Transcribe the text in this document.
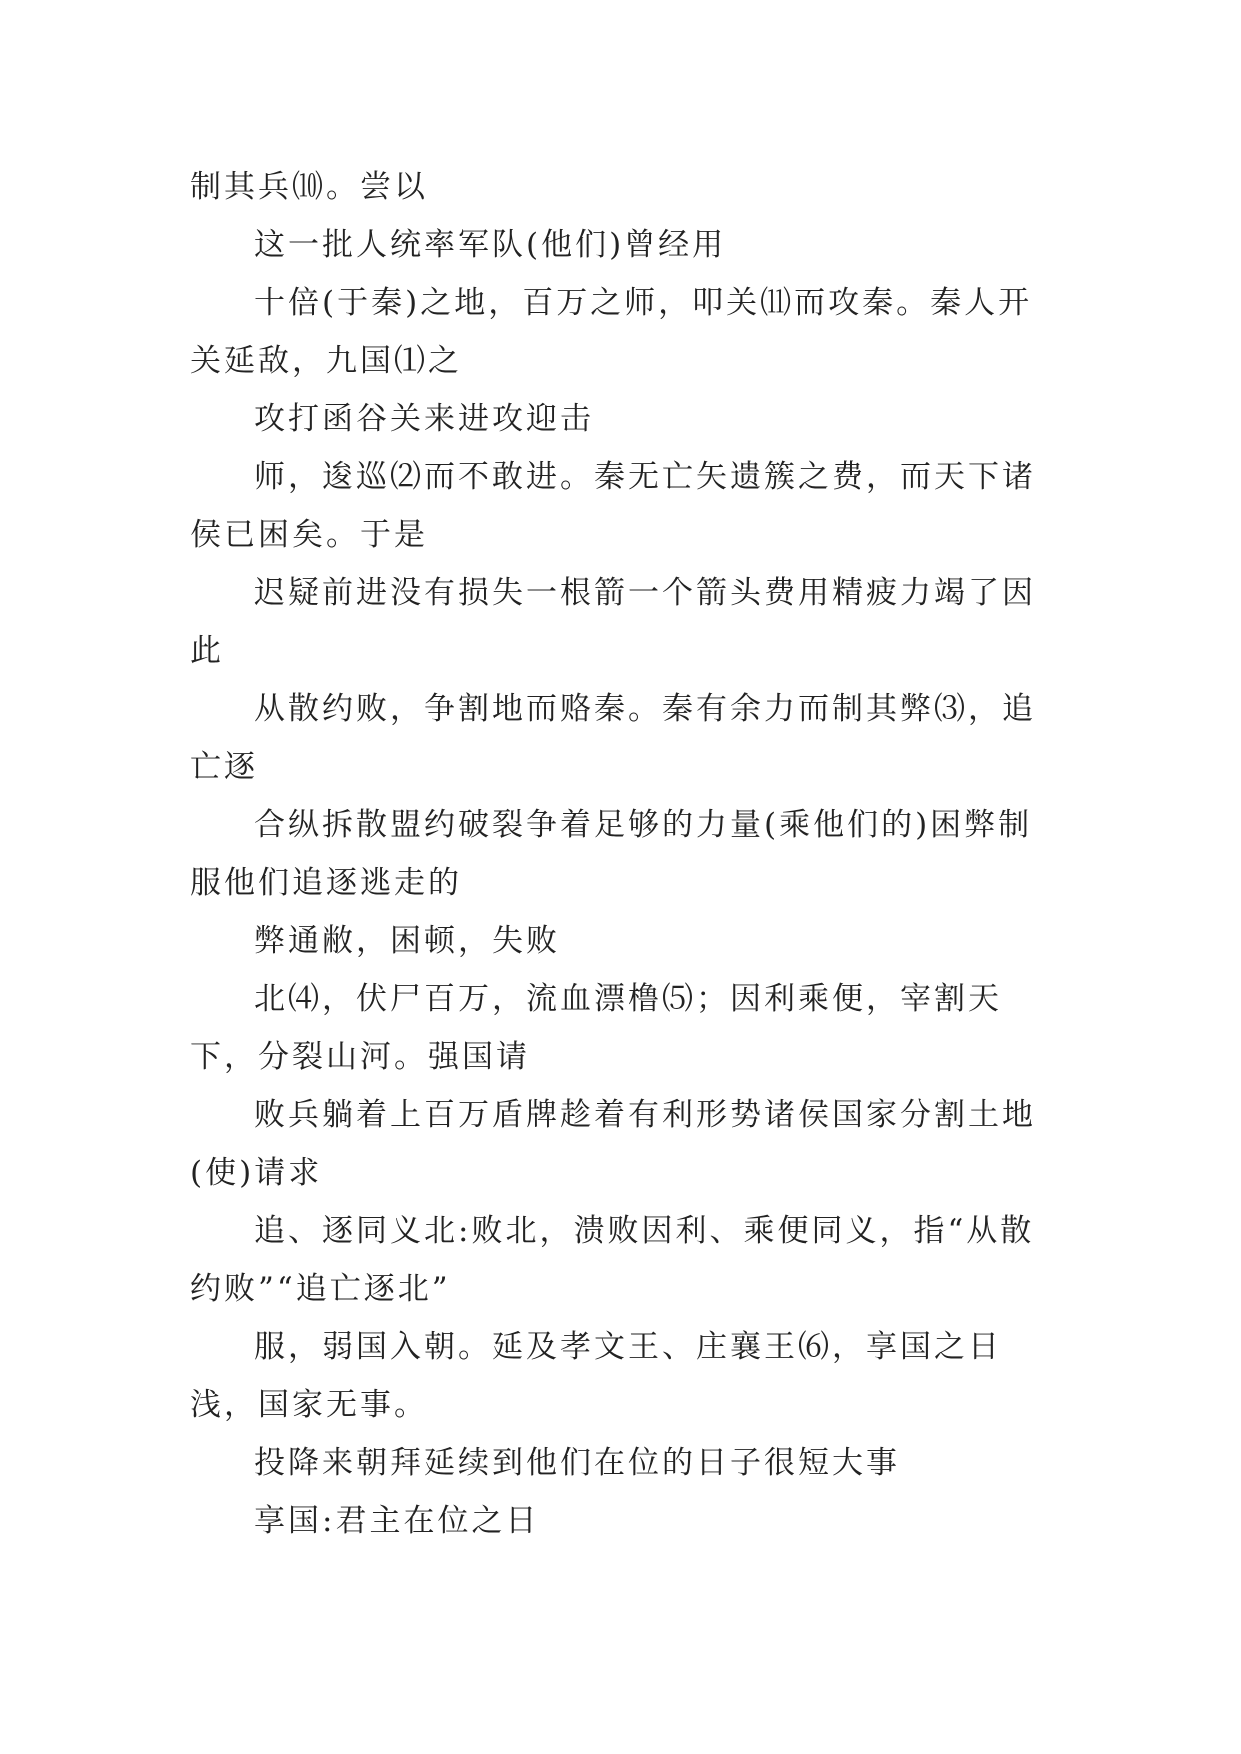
制其兵⑽。尝以

这一批人统率军队(他们)曾经用

十倍(于秦)之地，百万之师，叩关⑾而攻秦。秦人开关延敌，九国⑴之

攻打函谷关来进攻迎击

师，逡巡⑵而不敢进。秦无亡矢遗簇之费，而天下诸侯已困矣。于是

迟疑前进没有损失一根箭一个箭头费用精疲力竭了因此

从散约败，争割地而赂秦。秦有余力而制其弊⑶，追亡逐

合纵拆散盟约破裂争着足够的力量(乘他们的)困弊制服他们追逐逃走的

弊通敝，困顿，失败

北⑷，伏尸百万，流血漂橹⑸；因利乘便，宰割天下，分裂山河。强国请

败兵躺着上百万盾牌趁着有利形势诸侯国家分割土地(使)请求

追、逐同义北:败北，溃败因利、乘便同义，指“从散约败”“追亡逐北”

服，弱国入朝。延及孝文王、庄襄王⑹，享国之日浅，国家无事。

投降来朝拜延续到他们在位的日子很短大事

享国:君主在位之日
